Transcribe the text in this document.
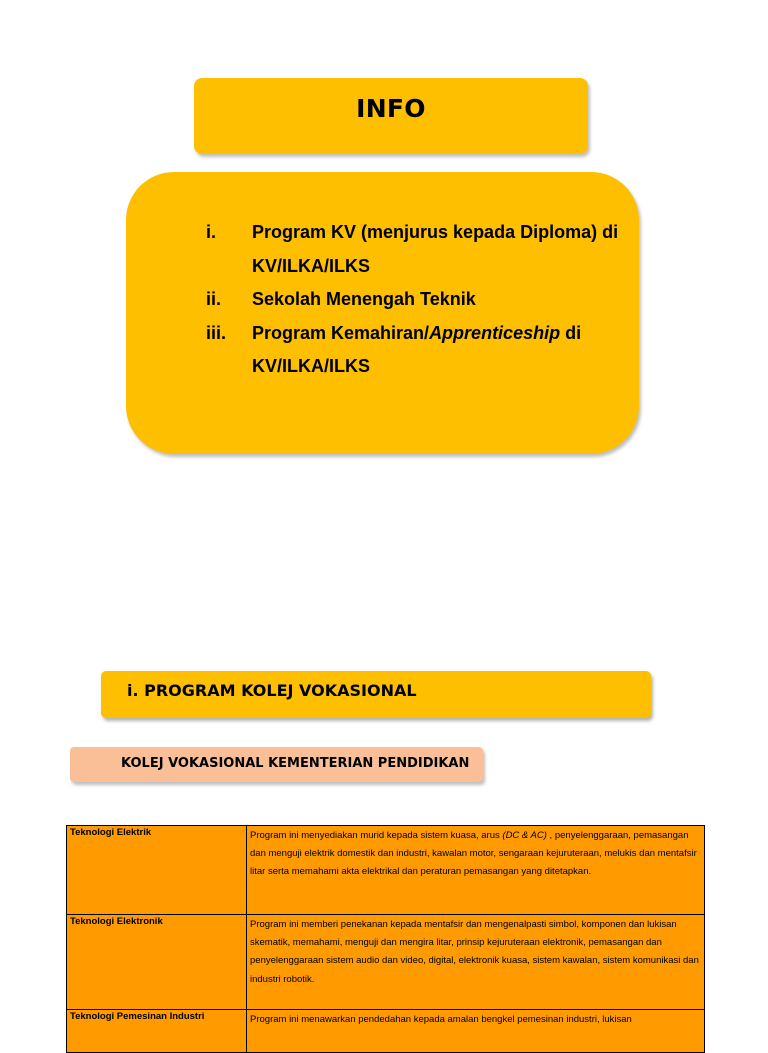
INFO
i.	Program KV (menjurus kepada Diploma) di KV/ILKA/ILKS
ii.	Sekolah Menengah Teknik
iii.	Program Kemahiran/Apprenticeship di KV/ILKA/ILKS
i. PROGRAM KOLEJ VOKASIONAL
KOLEJ VOKASIONAL KEMENTERIAN PENDIDIKAN
Teknologi Elektrik	Program ini menyediakan murid kepada sistem kuasa, arus (DC & AC) , penyelenggaraan, pemasangan dan menguji elektrik domestik dan industri, kawalan motor, sengaraan kejuruteraan, melukis dan mentafsir litar serta memahami akta elektrikal dan peraturan pemasangan yang ditetapkan.
Teknologi Elektronik	Program ini memberi penekanan kepada mentafsir dan mengenalpasti simbol, komponen dan lukisan skematik, memahami, menguji dan mengira litar, prinsip kejuruteraan elektronik, pemasangan dan penyelenggaraan sistem audio dan video, digital, elektronik kuasa, sistem kawalan, sistem komunikasi dan industri robotik.
Teknologi Pemesinan Industri	Program ini menawarkan pendedahan kepada amalan bengkel pemesinan industri, lukisan
